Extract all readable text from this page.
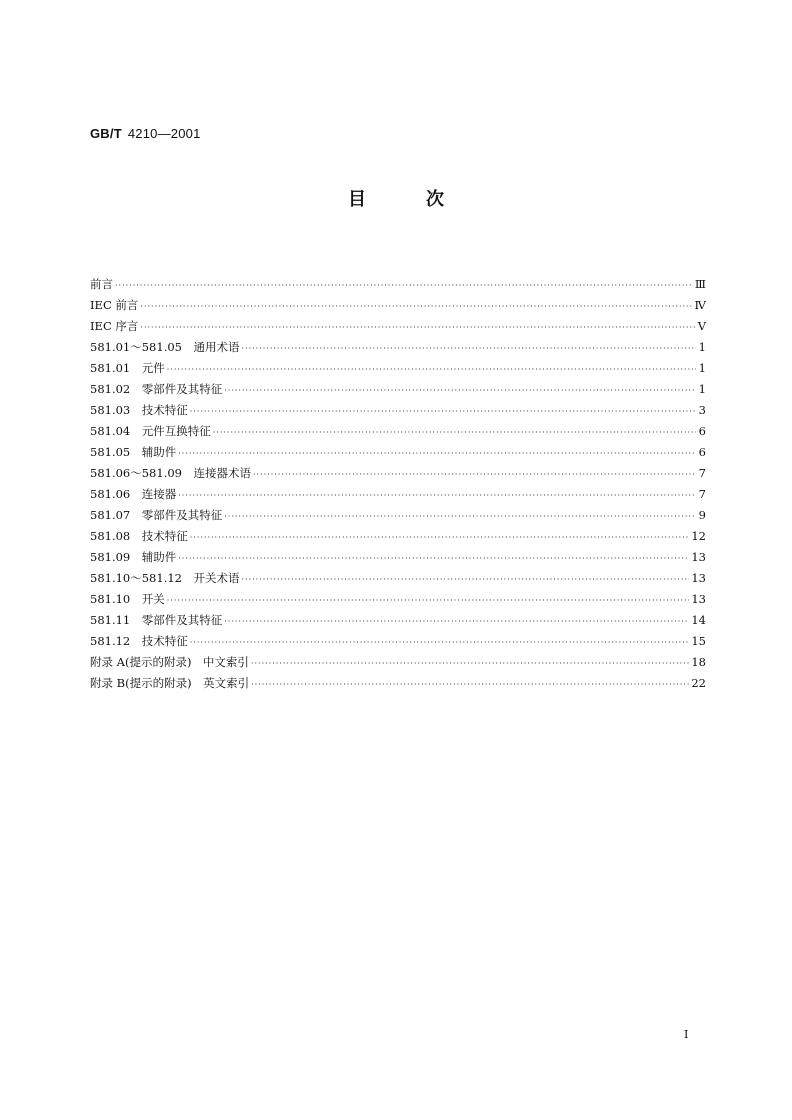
GB/T 4210—2001
目	次
前言 ·····	Ⅲ
IEC 前言 ·····	Ⅳ
IEC 序言 ·····	Ⅴ
581.01～581.05　通用术语 ·····	1
581.01　元件 ·····	1
581.02　零部件及其特征 ·····	1
581.03　技术特征 ·····	3
581.04　元件互换特征 ·····	6
581.05　辅助件 ·····	6
581.06～581.09　连接器术语 ·····	7
581.06　连接器 ·····	7
581.07　零部件及其特征 ·····	9
581.08　技术特征 ·····	12
581.09　辅助件 ·····	13
581.10～581.12　开关术语 ·····	13
581.10　开关 ·····	13
581.11　零部件及其特征 ·····	14
581.12　技术特征 ·····	15
附录 A(提示的附录)　中文索引 ·····	18
附录 B(提示的附录)　英文索引 ·····	22
I
